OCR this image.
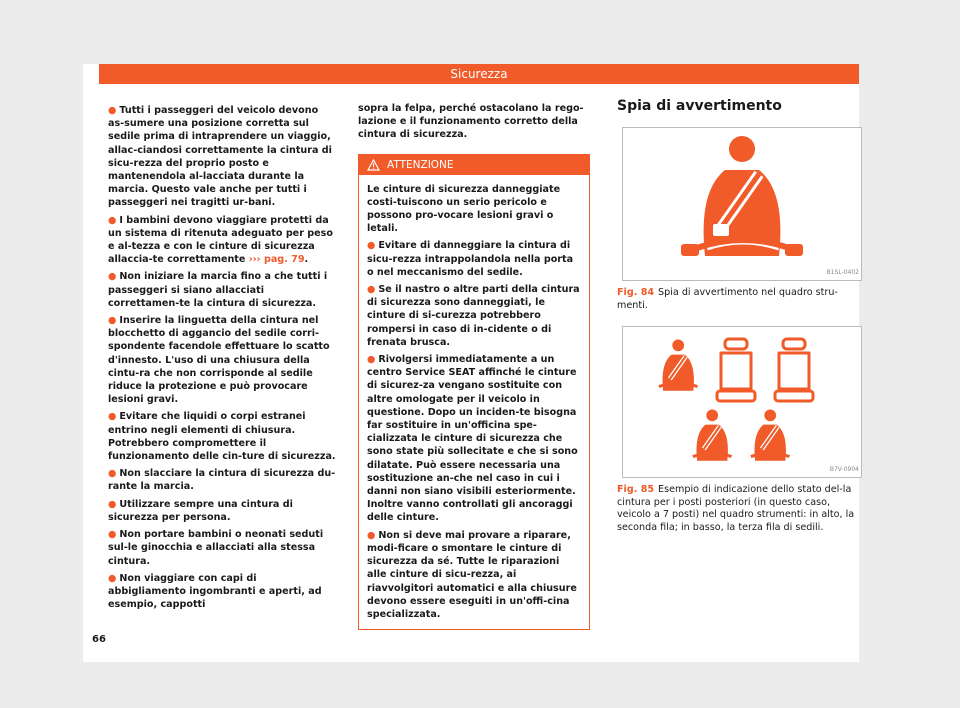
Sicurezza

● Tutti i passeggeri del veicolo devono as-sumere una posizione corretta sul sedile prima di intraprendere un viaggio, allac-ciandosi correttamente la cintura di sicu-rezza del proprio posto e mantenendola al-lacciata durante la marcia. Questo vale anche per tutti i passeggeri nei tragitti ur-bani.

● I bambini devono viaggiare protetti da un sistema di ritenuta adeguato per peso e al-tezza e con le cinture di sicurezza allaccia-te correttamente ››› pag. 79.

● Non iniziare la marcia fino a che tutti i passeggeri si siano allacciati correttamen-te la cintura di sicurezza.

● Inserire la linguetta della cintura nel blocchetto di aggancio del sedile corri-spondente facendole effettuare lo scatto d'innesto. L'uso di una chiusura della cintu-ra che non corrisponde al sedile riduce la protezione e può provocare lesioni gravi.

● Evitare che liquidi o corpi estranei entrino negli elementi di chiusura. Potrebbero compromettere il funzionamento delle cin-ture di sicurezza.

● Non slacciare la cintura di sicurezza du-rante la marcia.

● Utilizzare sempre una cintura di sicurezza per persona.

● Non portare bambini o neonati seduti sul-le ginocchia e allacciati alla stessa cintura.

● Non viaggiare con capi di abbigliamento ingombranti e aperti, ad esempio, cappotti

sopra la felpa, perché ostacolano la rego-lazione e il funzionamento corretto della cintura di sicurezza.

ATTENZIONE

Le cinture di sicurezza danneggiate costi-tuiscono un serio pericolo e possono pro-vocare lesioni gravi o letali.

● Evitare di danneggiare la cintura di sicu-rezza intrappolandola nella porta o nel meccanismo del sedile.

● Se il nastro o altre parti della cintura di sicurezza sono danneggiati, le cinture di si-curezza potrebbero rompersi in caso di in-cidente o di frenata brusca.

● Rivolgersi immediatamente a un centro Service SEAT affinché le cinture di sicurez-za vengano sostituite con altre omologate per il veicolo in questione. Dopo un inciden-te bisogna far sostituire in un'officina spe-cializzata le cinture di sicurezza che sono state più sollecitate e che si sono dilatate. Può essere necessaria una sostituzione an-che nel caso in cui i danni non siano visibili esteriormente. Inoltre vanno controllati gli ancoraggi delle cinture.

● Non si deve mai provare a riparare, modi-ficare o smontare le cinture di sicurezza da sé. Tutte le riparazioni alle cinture di sicu-rezza, ai riavvolgitori automatici e alla chiusure devono essere eseguiti in un'offi-cina specializzata.

Spia di avvertimento
B1SL-0402

Fig. 84 Spia di avvertimento nel quadro stru-menti.

B7V-0904

Fig. 85 Esempio di indicazione dello stato del-la cintura per i posti posteriori (in questo caso, veicolo a 7 posti) nel quadro strumenti: in alto, la seconda fila; in basso, la terza fila di sedili.

66
